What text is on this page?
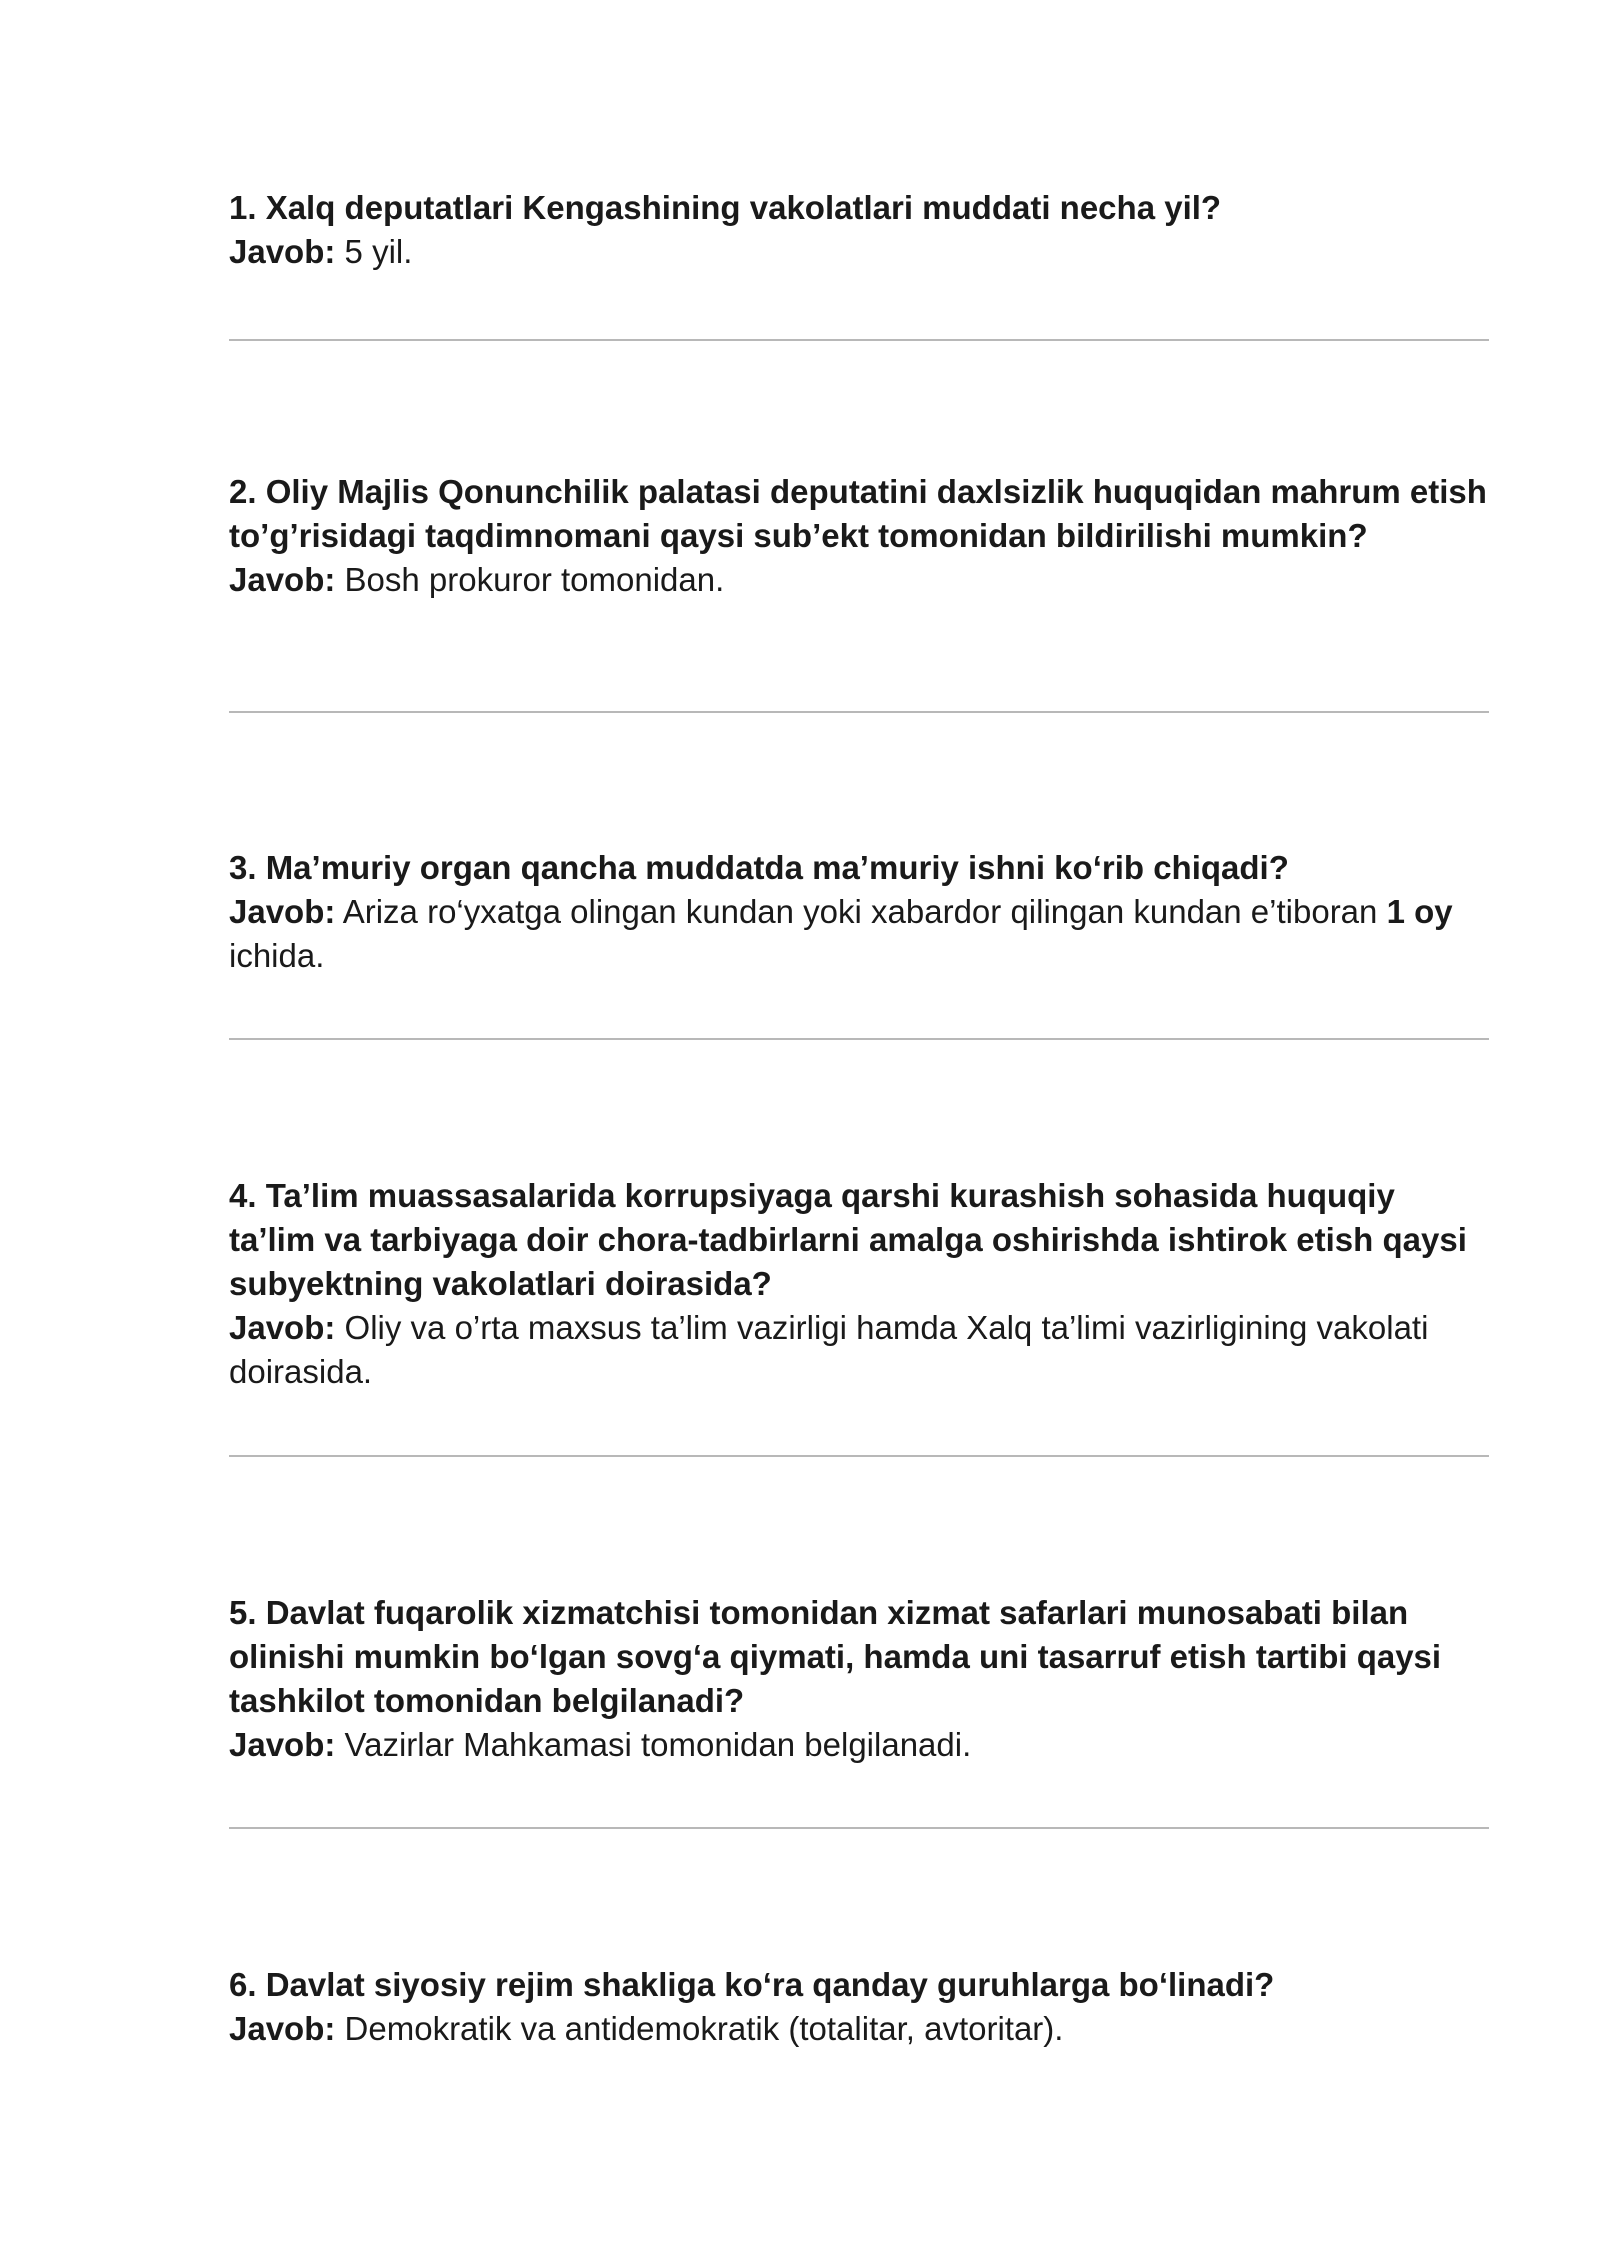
1. Xalq deputatlari Kengashining vakolatlari muddati necha yil?

Javob: 5 yil.

2. Oliy Majlis Qonunchilik palatasi deputatini daxlsizlik huquqidan mahrum etish to’g’risidagi taqdimnomani qaysi sub’ekt tomonidan bildirilishi mumkin?

Javob: Bosh prokuror tomonidan.

3. Ma’muriy organ qancha muddatda ma’muriy ishni ko‘rib chiqadi?

Javob: Ariza ro‘yxatga olingan kundan yoki xabardor qilingan kundan e’tiboran 1 oy ichida.

4. Ta’lim muassasalarida korrupsiyaga qarshi kurashish sohasida huquqiy ta’lim va tarbiyaga doir chora-tadbirlarni amalga oshirishda ishtirok etish qaysi subyektning vakolatlari doirasida?

Javob: Oliy va o’rta maxsus ta’lim vazirligi hamda Xalq ta’limi vazirligining vakolati doirasida.

5. Davlat fuqarolik xizmatchisi tomonidan xizmat safarlari munosabati bilan olinishi mumkin bo‘lgan sovg‘a qiymati, hamda uni tasarruf etish tartibi qaysi tashkilot tomonidan belgilanadi?

Javob: Vazirlar Mahkamasi tomonidan belgilanadi.

6. Davlat siyosiy rejim shakliga ko‘ra qanday guruhlarga bo‘linadi?

Javob: Demokratik va antidemokratik (totalitar, avtoritar).
